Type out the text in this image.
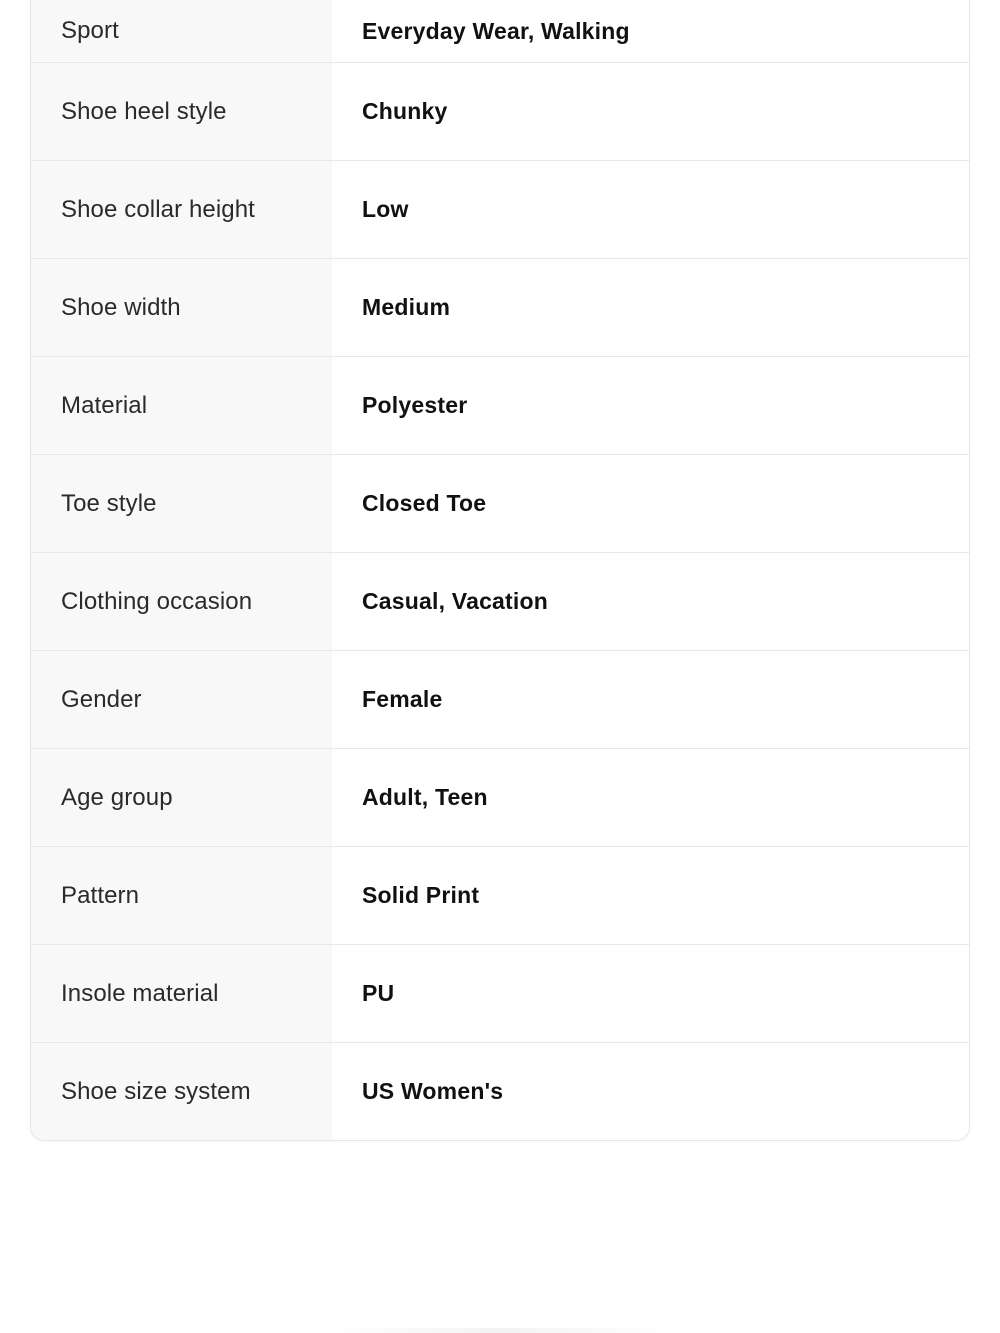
Sport	Everyday Wear, Walking
Shoe heel style	Chunky
Shoe collar height	Low
Shoe width	Medium
Material	Polyester
Toe style	Closed Toe
Clothing occasion	Casual, Vacation
Gender	Female
Age group	Adult, Teen
Pattern	Solid Print
Insole material	PU
Shoe size system	US Women's
